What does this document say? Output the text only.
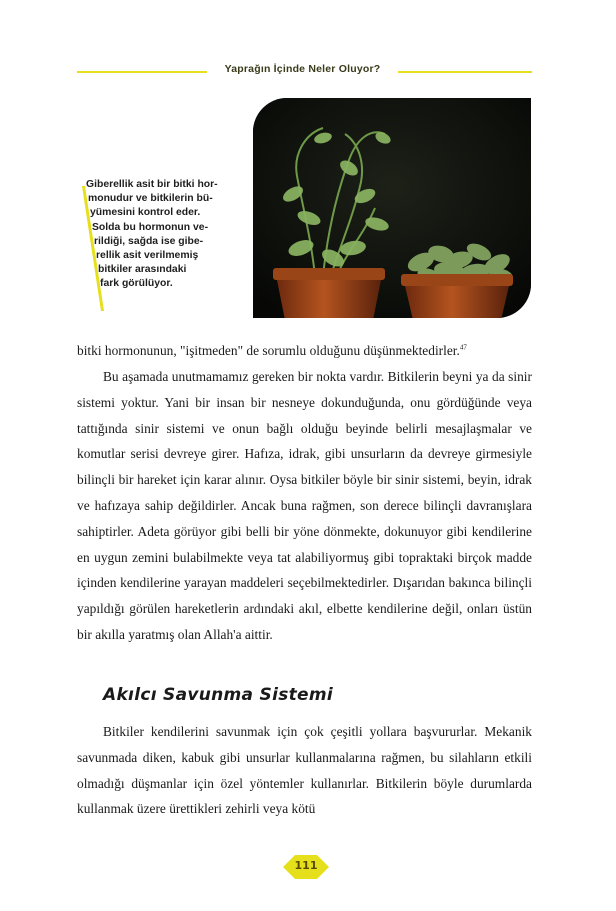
Yaprağın İçinde Neler Oluyor?
Giberellik asit bir bitki hor-
monudur ve bitkilerin bü-
yümesini kontrol eder.
Solda bu hormonun ve-
rildiği, sağda ise gibe-
rellik asit verilmemiş
bitkiler arasındaki
fark görülüyor.

bitki hormonunun, "işitmeden" de sorumlu olduğunu düşünmektedirler.$^{47}$

Bu aşamada unutmamamız gereken bir nokta vardır. Bitkilerin beyni ya da sinir sistemi yoktur. Yani bir insan bir nesneye dokunduğunda, onu gördüğünde veya tattığında sinir sistemi ve onun bağlı olduğu beyinde belirli mesajlaşmalar ve komutlar serisi devreye girer. Hafıza, idrak, gibi unsurların da devreye girmesiyle bilinçli bir hareket için karar alınır. Oysa bitkiler böyle bir sinir sistemi, beyin, idrak ve hafızaya sahip değildirler. Ancak buna rağmen, son derece bilinçli davranışlara sahiptirler. Adeta görüyor gibi belli bir yöne dönmekte, dokunuyor gibi kendilerine en uygun zemini bulabilmekte veya tat alabiliyormuş gibi topraktaki birçok madde içinden kendilerine yarayan maddeleri seçebilmektedirler. Dışarıdan bakınca bilinçli yapıldığı görülen hareketlerin ardındaki akıl, elbette kendilerine değil, onları üstün bir akılla yaratmış olan Allah'a aittir.

Akılcı Savunma Sistemi

Bitkiler kendilerini savunmak için çok çeşitli yollara başvururlar. Mekanik savunmada diken, kabuk gibi unsurlar kullanmalarına rağmen, bu silahların etkili olmadığı düşmanlar için özel yöntemler kullanırlar. Bitkilerin böyle durumlarda kullanmak üzere ürettikleri zehirli veya kötü

111
